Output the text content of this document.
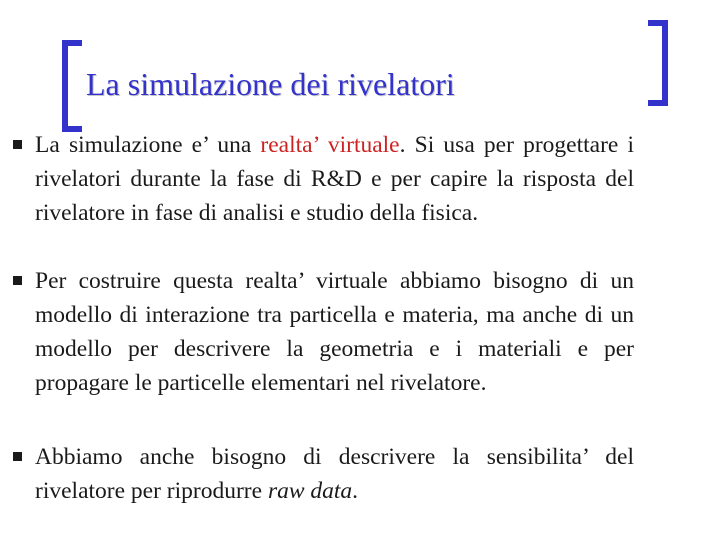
La simulazione dei rivelatori

La simulazione e’ una realta’ virtuale. Si usa per progettare i rivelatori durante la fase di R&D e per capire la risposta del rivelatore in fase di analisi e studio della fisica.

Per costruire questa realta’ virtuale abbiamo bisogno di un modello di interazione tra particella e materia, ma anche di un modello per descrivere la geometria e i materiali e per propagare le particelle elementari nel rivelatore.

Abbiamo anche bisogno di descrivere la sensibilita’ del rivelatore per riprodurre raw data.
